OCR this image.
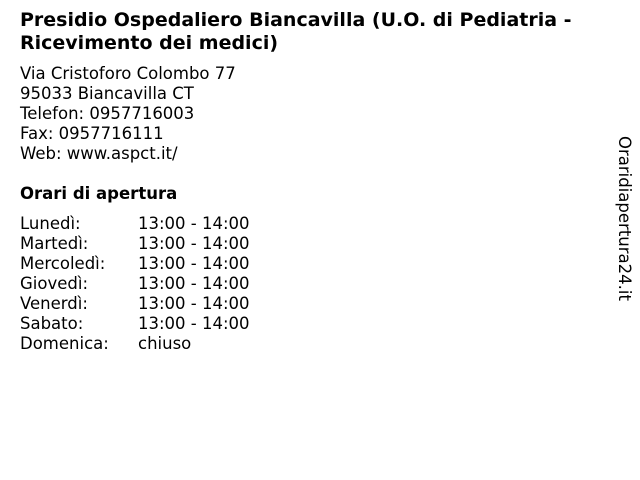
Presidio Ospedaliero Biancavilla (U.O. di Pediatria - Ricevimento dei medici)
Via Cristoforo Colombo 77
95033 Biancavilla CT
Telefon: 0957716003
Fax: 0957716111
Web: www.aspct.it/
Orari di apertura
Lunedì:	13:00 - 14:00
Martedì:	13:00 - 14:00
Mercoledì: 13:00 - 14:00
Giovedì:	13:00 - 14:00
Venerdì:	13:00 - 14:00
Sabato:	13:00 - 14:00
Domenica: chiuso
Oraridiapertura24.it
